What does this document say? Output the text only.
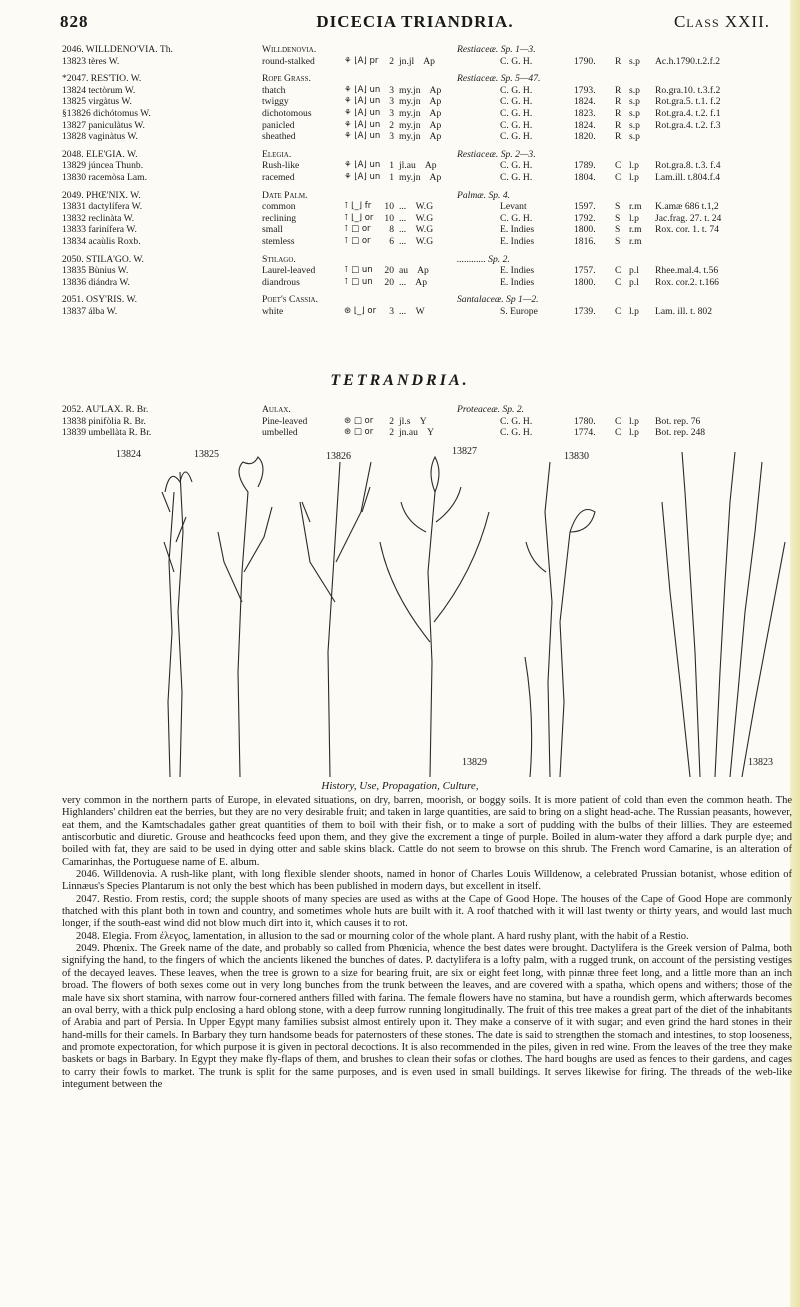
828	DICECIA TRIANDRIA.	Class XXII.
2046. WILLDENO'VIA. Th.	Willdenovia.	Restiaceæ. Sp. 1—3.
13823 tères W.	round-stalked	⚘ ⌊A⌋ pr	2 jn.jl    Ap	C. G. H.	1790. R s.p Ac.h.1790.t.2.f.2
*2047. RES'TIO. W.	Rope Grass.	Restiaceæ. Sp. 5—47.
13824 tectòrum W.	thatch	⚘ ⌊A⌋ un 3 my.jn    Ap	C. G. H.	1793. R s.p Ro.gra.10. t.3.f.2
13825 virgàtus W.	twiggy	⚘ ⌊A⌋ un 3 my.jn    Ap	C. G. H.	1824. R s.p Rot.gra.5. t.1. f.2
§13826 dichótomus W.	dichotomous	⚘ ⌊A⌋ un 3 my.jn    Ap	C. G. H.	1823. R s.p Rot.gra.4. t.2. f.1
13827 paniculàtus W.	panicled	⚘ ⌊A⌋ un 2 my.jn    Ap	C. G. H.	1824. R s.p Rot.gra.4. t.2. f.3
13828 vaginàtus W.	sheathed	⚘ ⌊A⌋ un 3 my.jn    Ap	C. G. H.	1820. R s.p
2048. ELE'GIA. W.	Elegia.	Restiaceæ. Sp. 2—3.
13829 júncea Thunb.	Rush-like	⚘ ⌊A⌋ un 1 jl.au    Ap	C. G. H.	1789. C l.p Rot.gra.8. t.3. f.4
13830 racemòsa Lam.	racemed	⚘ ⌊A⌋ un 1 my.jn    Ap	C. G. H.	1804. C l.p Lam.ill. t.804.f.4
2049. PHŒ'NIX. W.	Date Palm.	Palmæ. Sp. 4.
13831 dactylífera W.	common	⊺ ⌊_⌋ fr 10 ...    W.G	Levant	1597. S r.m K.amæ 686 t.1,2
13832 reclinàta W.	reclining	⊺ ⌊_⌋ or 10 ...    W.G	C. G. H.	1792. S l.p Jac.frag. 27. t. 24
13833 farinífera W.	small	⊺ □ or	8 ...    W.G	E. Indies	1800. S r.m Rox. cor. 1. t. 74
13834 acaùlis Roxb.	stemless	⊺ □ or	6 ...    W.G	E. Indies	1816. S r.m
2050. STILA'GO. W.	Stilago.	............ Sp. 2.
13835 Bùnius W.	Laurel-leaved	⊺ □ un 20 au    Ap	E. Indies	1757. C p.l Rhee.mal.4. t.56
13836 diándra W.	diandrous	⊺ □ un 20 ...    Ap	E. Indies	1800. C p.l Rox. cor.2. t.166
2051. OSY'RIS. W.	Poet's Cassia.	Santalaceæ. Sp 1—2.
13837 álba W.	white	⊛ ⌊_⌋ or	3 ...    W	S. Europe	1739. C l.p Lam. ill. t. 802
TETRANDRIA.
2052. AU'LAX. R. Br.	Aulax.	Proteaceæ. Sp. 2.
13838 pinifòlia R. Br.	Pine-leaved	⊛ □ or	2 jl.s    Y	C. G. H.	1780. C l.p Bot. rep. 76
13839 umbellàta R. Br.	umbelled	⊛ □ or	2 jn.au    Y	C. G. H.	1774. C l.p Bot. rep. 248
13824	13825	13826	13827	13830
13829	13823
History, Use, Propagation, Culture,

very common in the northern parts of Europe, in elevated situations, on dry, barren, moorish, or boggy soils. It is more patient of cold than even the common heath. The Highlanders' children eat the berries, but they are no very desirable fruit; and taken in large quantities, are said to bring on a slight head-ache. The Russian peasants, however, eat them, and the Kamtschadales gather great quantities of them to boil with their fish, or to make a sort of pudding with the bulbs of their lillies. They are esteemed antiscorbutic and diuretic. Grouse and heathcocks feed upon them, and they give the excrement a tinge of purple. Boiled in alum-water they afford a dark purple dye; and boiled with fat, they are said to be used in dying otter and sable skins black. Cattle do not seem to browse on this shrub. The French word Camarine, is an alteration of Camarinhas, the Portuguese name of E. album.

2046. Willdenovia. A rush-like plant, with long flexible slender shoots, named in honor of Charles Louis Willdenow, a celebrated Prussian botanist, whose edition of Linnæus's Species Plantarum is not only the best which has been published in modern days, but excellent in itself.

2047. Restio. From restis, cord; the supple shoots of many species are used as withs at the Cape of Good Hope. The houses of the Cape of Good Hope are commonly thatched with this plant both in town and country, and sometimes whole huts are built with it. A roof thatched with it will last twenty or thirty years, and would last much longer, if the south-east wind did not blow much dirt into it, which causes it to rot.

2048. Elegia. From ἐλεγος, lamentation, in allusion to the sad or mourning color of the whole plant. A hard rushy plant, with the habit of a Restio.

2049. Phœnix. The Greek name of the date, and probably so called from Phœnicia, whence the best dates were brought. Dactylifera is the Greek version of Palma, both signifying the hand, to the fingers of which the ancients likened the bunches of dates. P. dactylifera is a lofty palm, with a rugged trunk, on account of the persisting vestiges of the decayed leaves. These leaves, when the tree is grown to a size for bearing fruit, are six or eight feet long, with pinnæ three feet long, and a little more than an inch broad. The flowers of both sexes come out in very long bunches from the trunk between the leaves, and are covered with a spatha, which opens and withers; those of the male have six short stamina, with narrow four-cornered anthers filled with farina. The female flowers have no stamina, but have a roundish germ, which afterwards becomes an oval berry, with a thick pulp enclosing a hard oblong stone, with a deep furrow running longitudinally. The fruit of this tree makes a great part of the diet of the inhabitants of Arabia and part of Persia. In Upper Egypt many families subsist almost entirely upon it. They make a conserve of it with sugar; and even grind the hard stones in their hand-mills for their camels. In Barbary they turn handsome beads for paternosters of these stones. The date is said to strengthen the stomach and intestines, to stop looseness, and promote expectoration, for which purpose it is given in pectoral decoctions. It is also recommended in the piles, given in red wine. From the leaves of the tree they make baskets or bags in Barbary. In Egypt they make fly-flaps of them, and brushes to clean their sofas or clothes. The hard boughs are used as fences to their gardens, and cages to carry their fowls to market. The trunk is split for the same purposes, and is even used in small buildings. It serves likewise for firing. The threads of the web-like integument between the
